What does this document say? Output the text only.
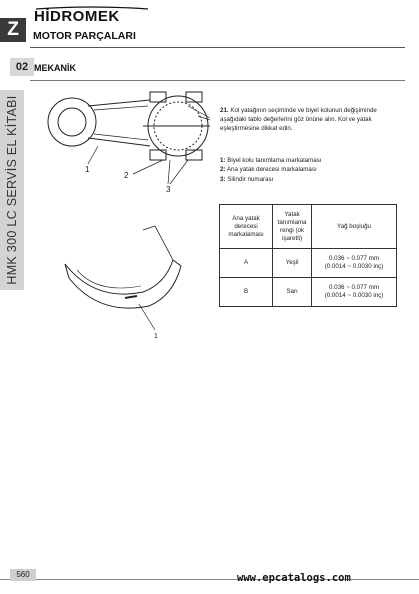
HİDROMEK
Z	MOTOR PARÇALARI
02 MEKANİK
HMK 300 LC SERVİS EL KİTABI	1
2
3
1
21. Kol yatağının seçiminde ve biyel kolunun değişiminde aşağıdaki tablo değerlerini göz önüne alın. Kol ve yatak eşleştirmesine dikkat edin.
1: Biyel kolu tanımlama markalaması
2: Ana yatak derecesi markalaması
3: Silindir numarası
Ana yatak derecesi markalaması	Yatak tanımlama rengi (ok işaretli)	Yağ boşluğu
A	Yeşil	0.036 ~ 0.077 mm
(0.0014 ~ 0.0030 inç)

B	Sarı	0.036 ~ 0.077 mm
(0.0014 ~ 0.0030 inç)
560	www.epcatalogs.com
